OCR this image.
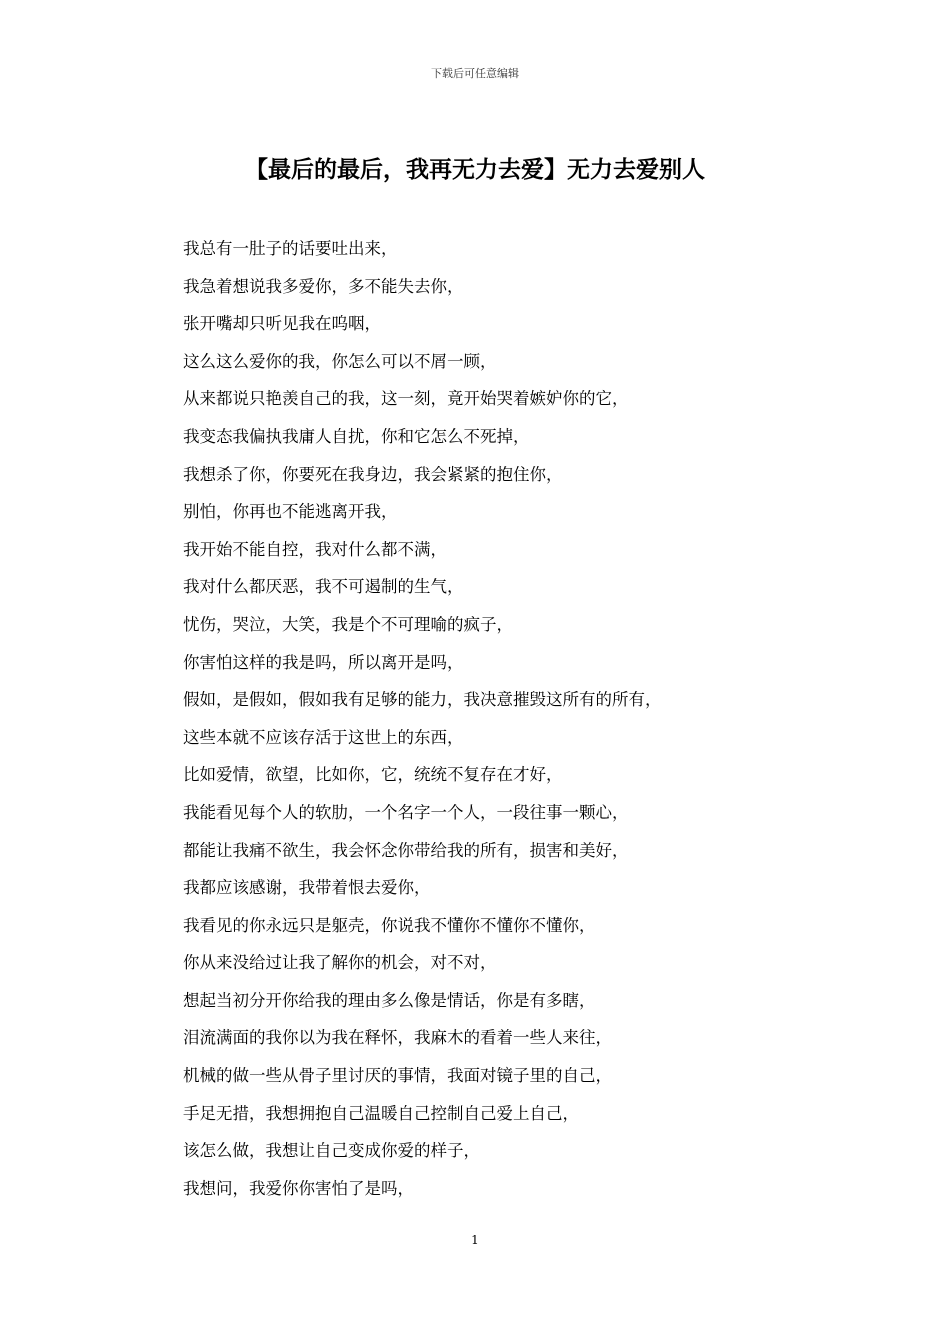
下载后可任意编辑
【最后的最后，我再无力去爱】无力去爱别人
我总有一肚子的话要吐出来，
我急着想说我多爱你，多不能失去你，
张开嘴却只听见我在呜咽，
这么这么爱你的我，你怎么可以不屑一顾，
从来都说只艳羡自己的我，这一刻，竟开始哭着嫉妒你的它，
我变态我偏执我庸人自扰，你和它怎么不死掉，
我想杀了你，你要死在我身边，我会紧紧的抱住你，
别怕，你再也不能逃离开我，
我开始不能自控，我对什么都不满，
我对什么都厌恶，我不可遏制的生气，
忧伤，哭泣，大笑，我是个不可理喻的疯子，
你害怕这样的我是吗，所以离开是吗，
假如，是假如，假如我有足够的能力，我决意摧毁这所有的所有，
这些本就不应该存活于这世上的东西，
比如爱情，欲望，比如你，它，统统不复存在才好，
我能看见每个人的软肋，一个名字一个人，一段往事一颗心，
都能让我痛不欲生，我会怀念你带给我的所有，损害和美好，
我都应该感谢，我带着恨去爱你，
我看见的你永远只是躯壳，你说我不懂你不懂你不懂你，
你从来没给过让我了解你的机会，对不对，
想起当初分开你给我的理由多么像是情话，你是有多瞎，
泪流满面的我你以为我在释怀，我麻木的看着一些人来往，
机械的做一些从骨子里讨厌的事情，我面对镜子里的自己，
手足无措，我想拥抱自己温暖自己控制自己爱上自己，
该怎么做，我想让自己变成你爱的样子，
我想问，我爱你你害怕了是吗，
1
